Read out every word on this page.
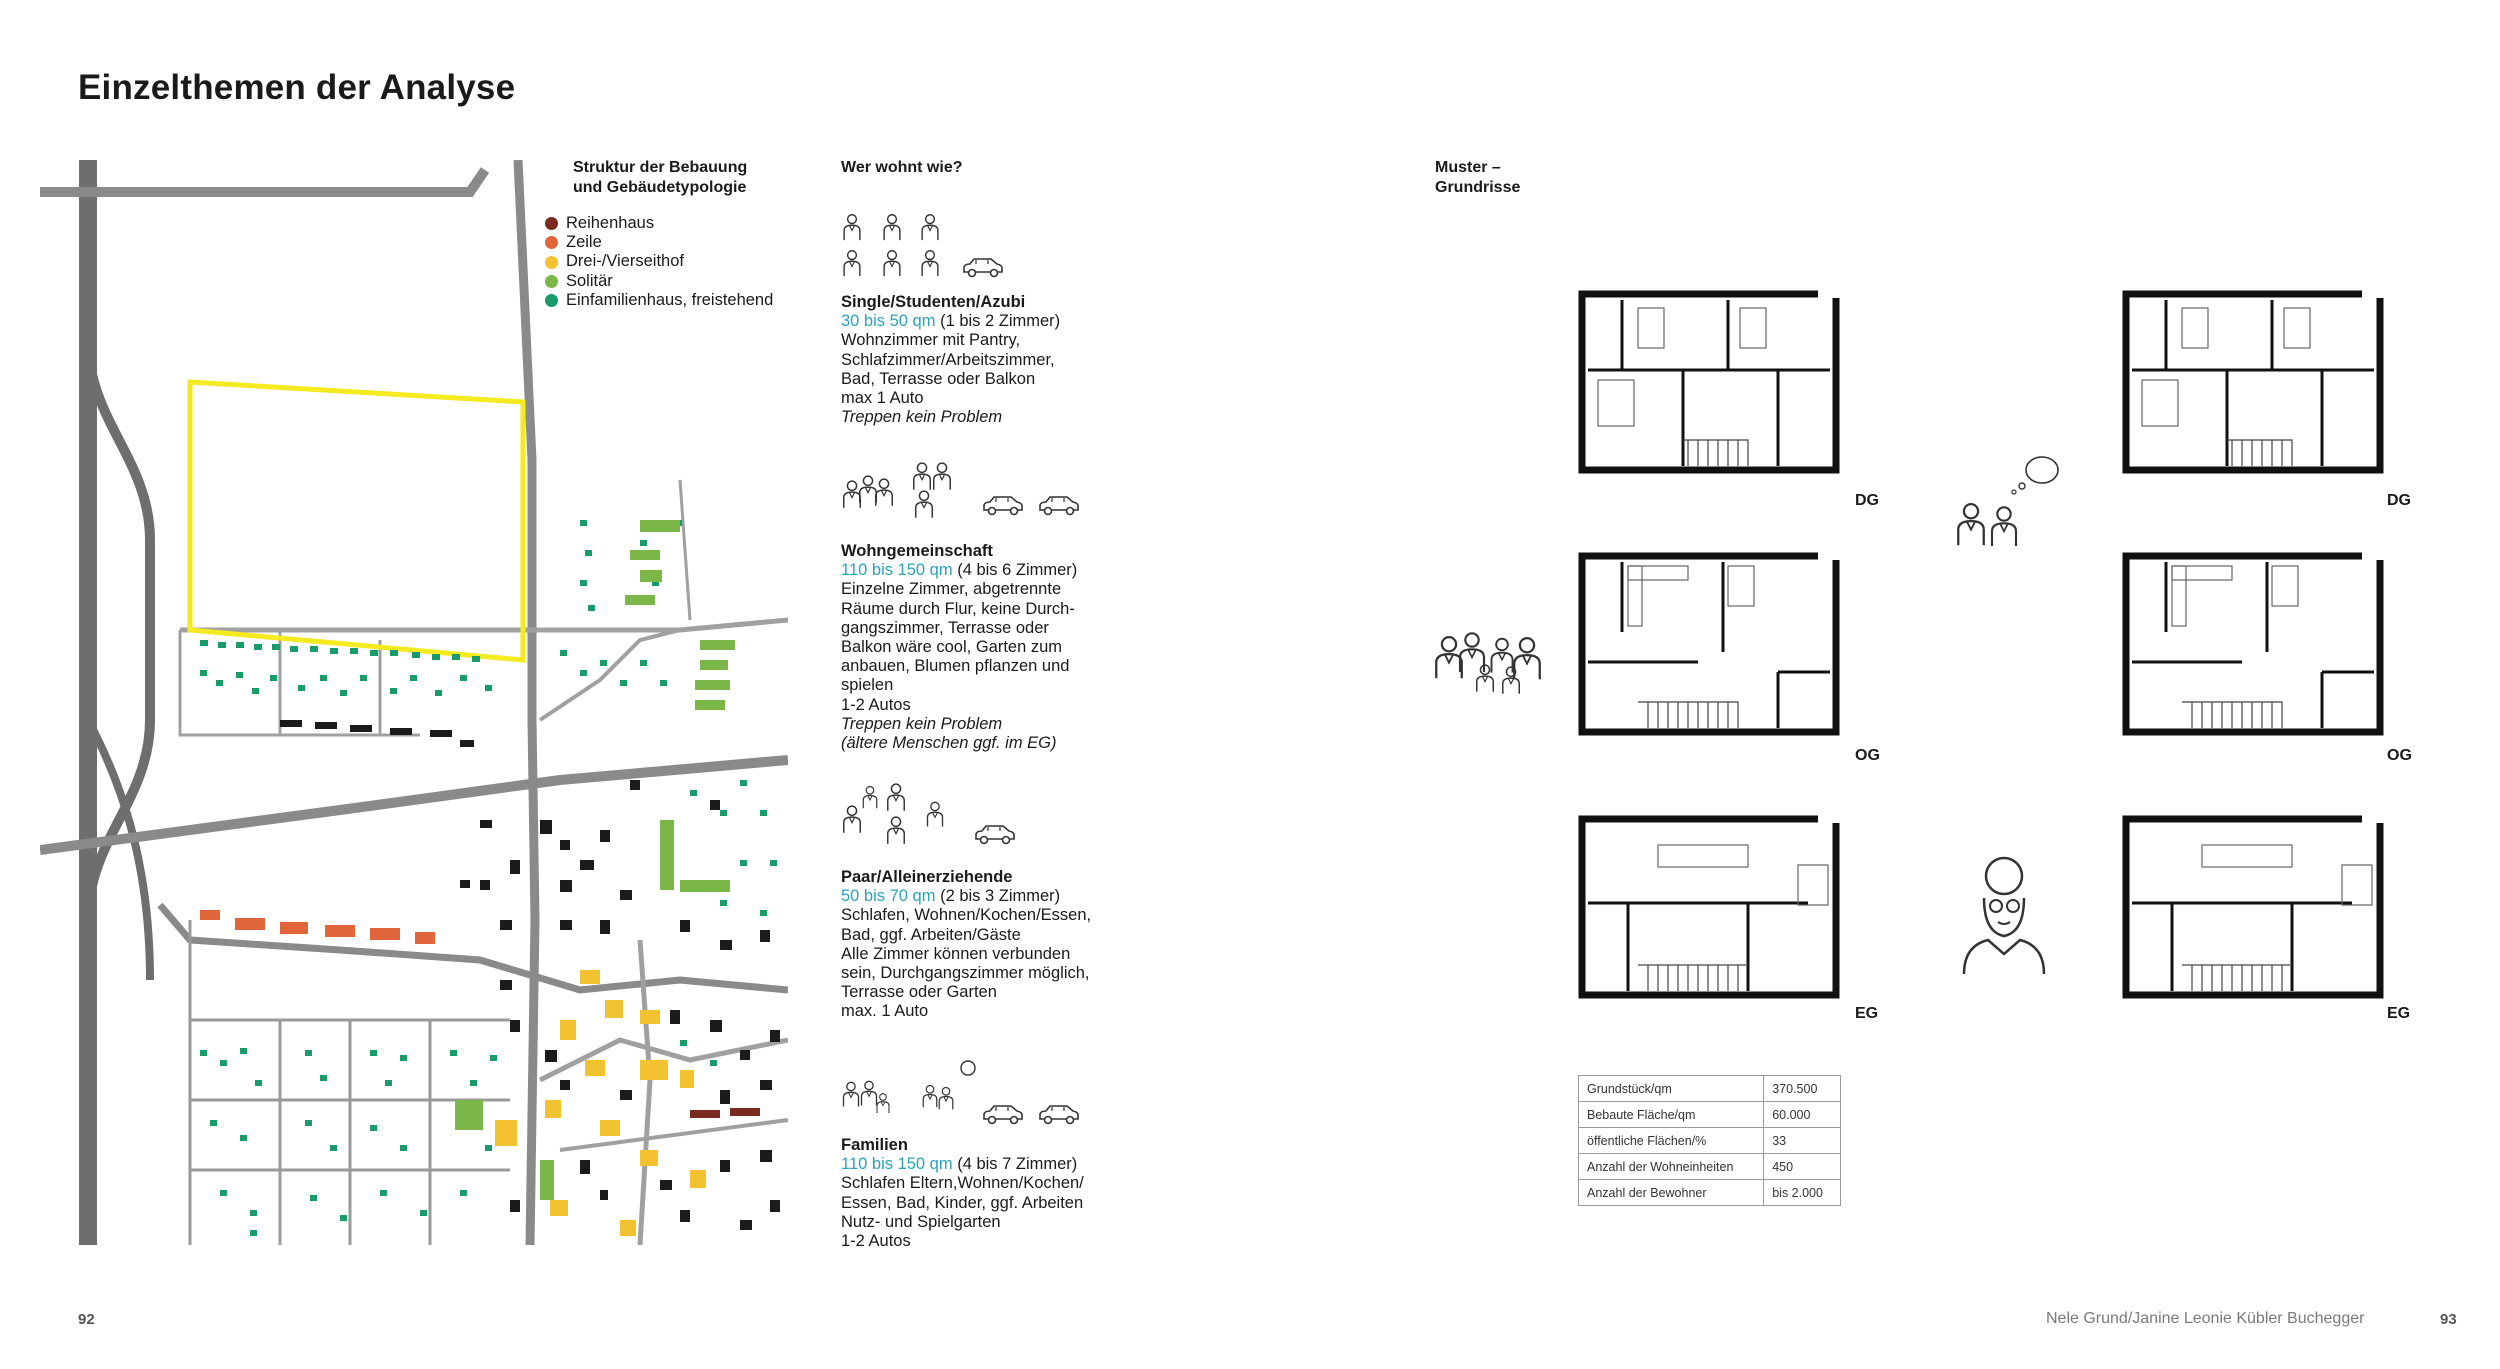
Einzelthemen der Analyse
Struktur der Bebauung
und Gebäudetypologie
Reihenhaus
Zeile
Drei-/Vierseithof
Solitär
Einfamilienhaus, freistehend
Wer wohnt wie?
Single/Studenten/Azubi
30 bis 50 qm (1 bis 2 Zimmer)
Wohnzimmer mit Pantry,
Schlafzimmer/Arbeitszimmer,
Bad, Terrasse oder Balkon
max 1 Auto
Treppen kein Problem
Wohngemeinschaft
110 bis 150 qm (4 bis 6 Zimmer)
Einzelne Zimmer, abgetrennte
Räume durch Flur, keine Durch-
gangszimmer, Terrasse oder
Balkon wäre cool, Garten zum
anbauen, Blumen pflanzen und
spielen
1-2 Autos
Treppen kein Problem
(ältere Menschen ggf. im EG)
Paar/Alleinerziehende
50 bis 70 qm (2 bis 3 Zimmer)
Schlafen, Wohnen/Kochen/Essen,
Bad, ggf. Arbeiten/Gäste
Alle Zimmer können verbunden
sein, Durchgangszimmer möglich,
Terrasse oder Garten
max. 1 Auto
Familien
110 bis 150 qm (4 bis 7 Zimmer)
Schlafen Eltern,Wohnen/Kochen/
Essen, Bad, Kinder, ggf. Arbeiten
Nutz- und Spielgarten
1-2 Autos
Muster –
Grundrisse
DG
OG
EG
DG
OG
EG
Grundstück/qm	370.500
Bebaute Fläche/qm	60.000
öffentliche Flächen/%	33
Anzahl der Wohneinheiten	450
Anzahl der Bewohner	bis 2.000
92	Nele Grund/Janine Leonie Kübler Buchegger	93
